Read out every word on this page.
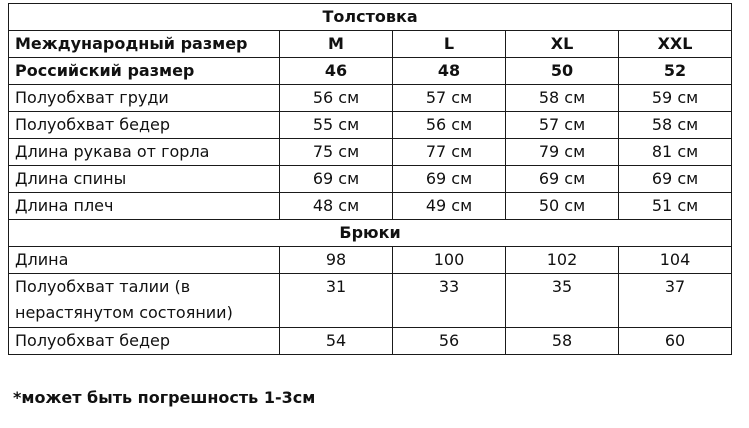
Толстовка				
Международный размер	M	L	XL	XXL
Российский размер	46	48	50	52
Полуобхват груди	56 см	57 см	58 см	59 см
Полуобхват бедер	55 см	56 см	57 см	58 см
Длина рукава от горла	75 см	77 см	79 см	81 см
Длина спины	69 см	69 см	69 см	69 см
Длина плеч	48 см	49 см	50 см	51 см
Брюки				
Длина	98	100	102	104
Полуобхват талии (в нерастянутом состоянии)	31	33	35	37
Полуобхват бедер	54	56	58	60
*может быть погрешность 1-3см
